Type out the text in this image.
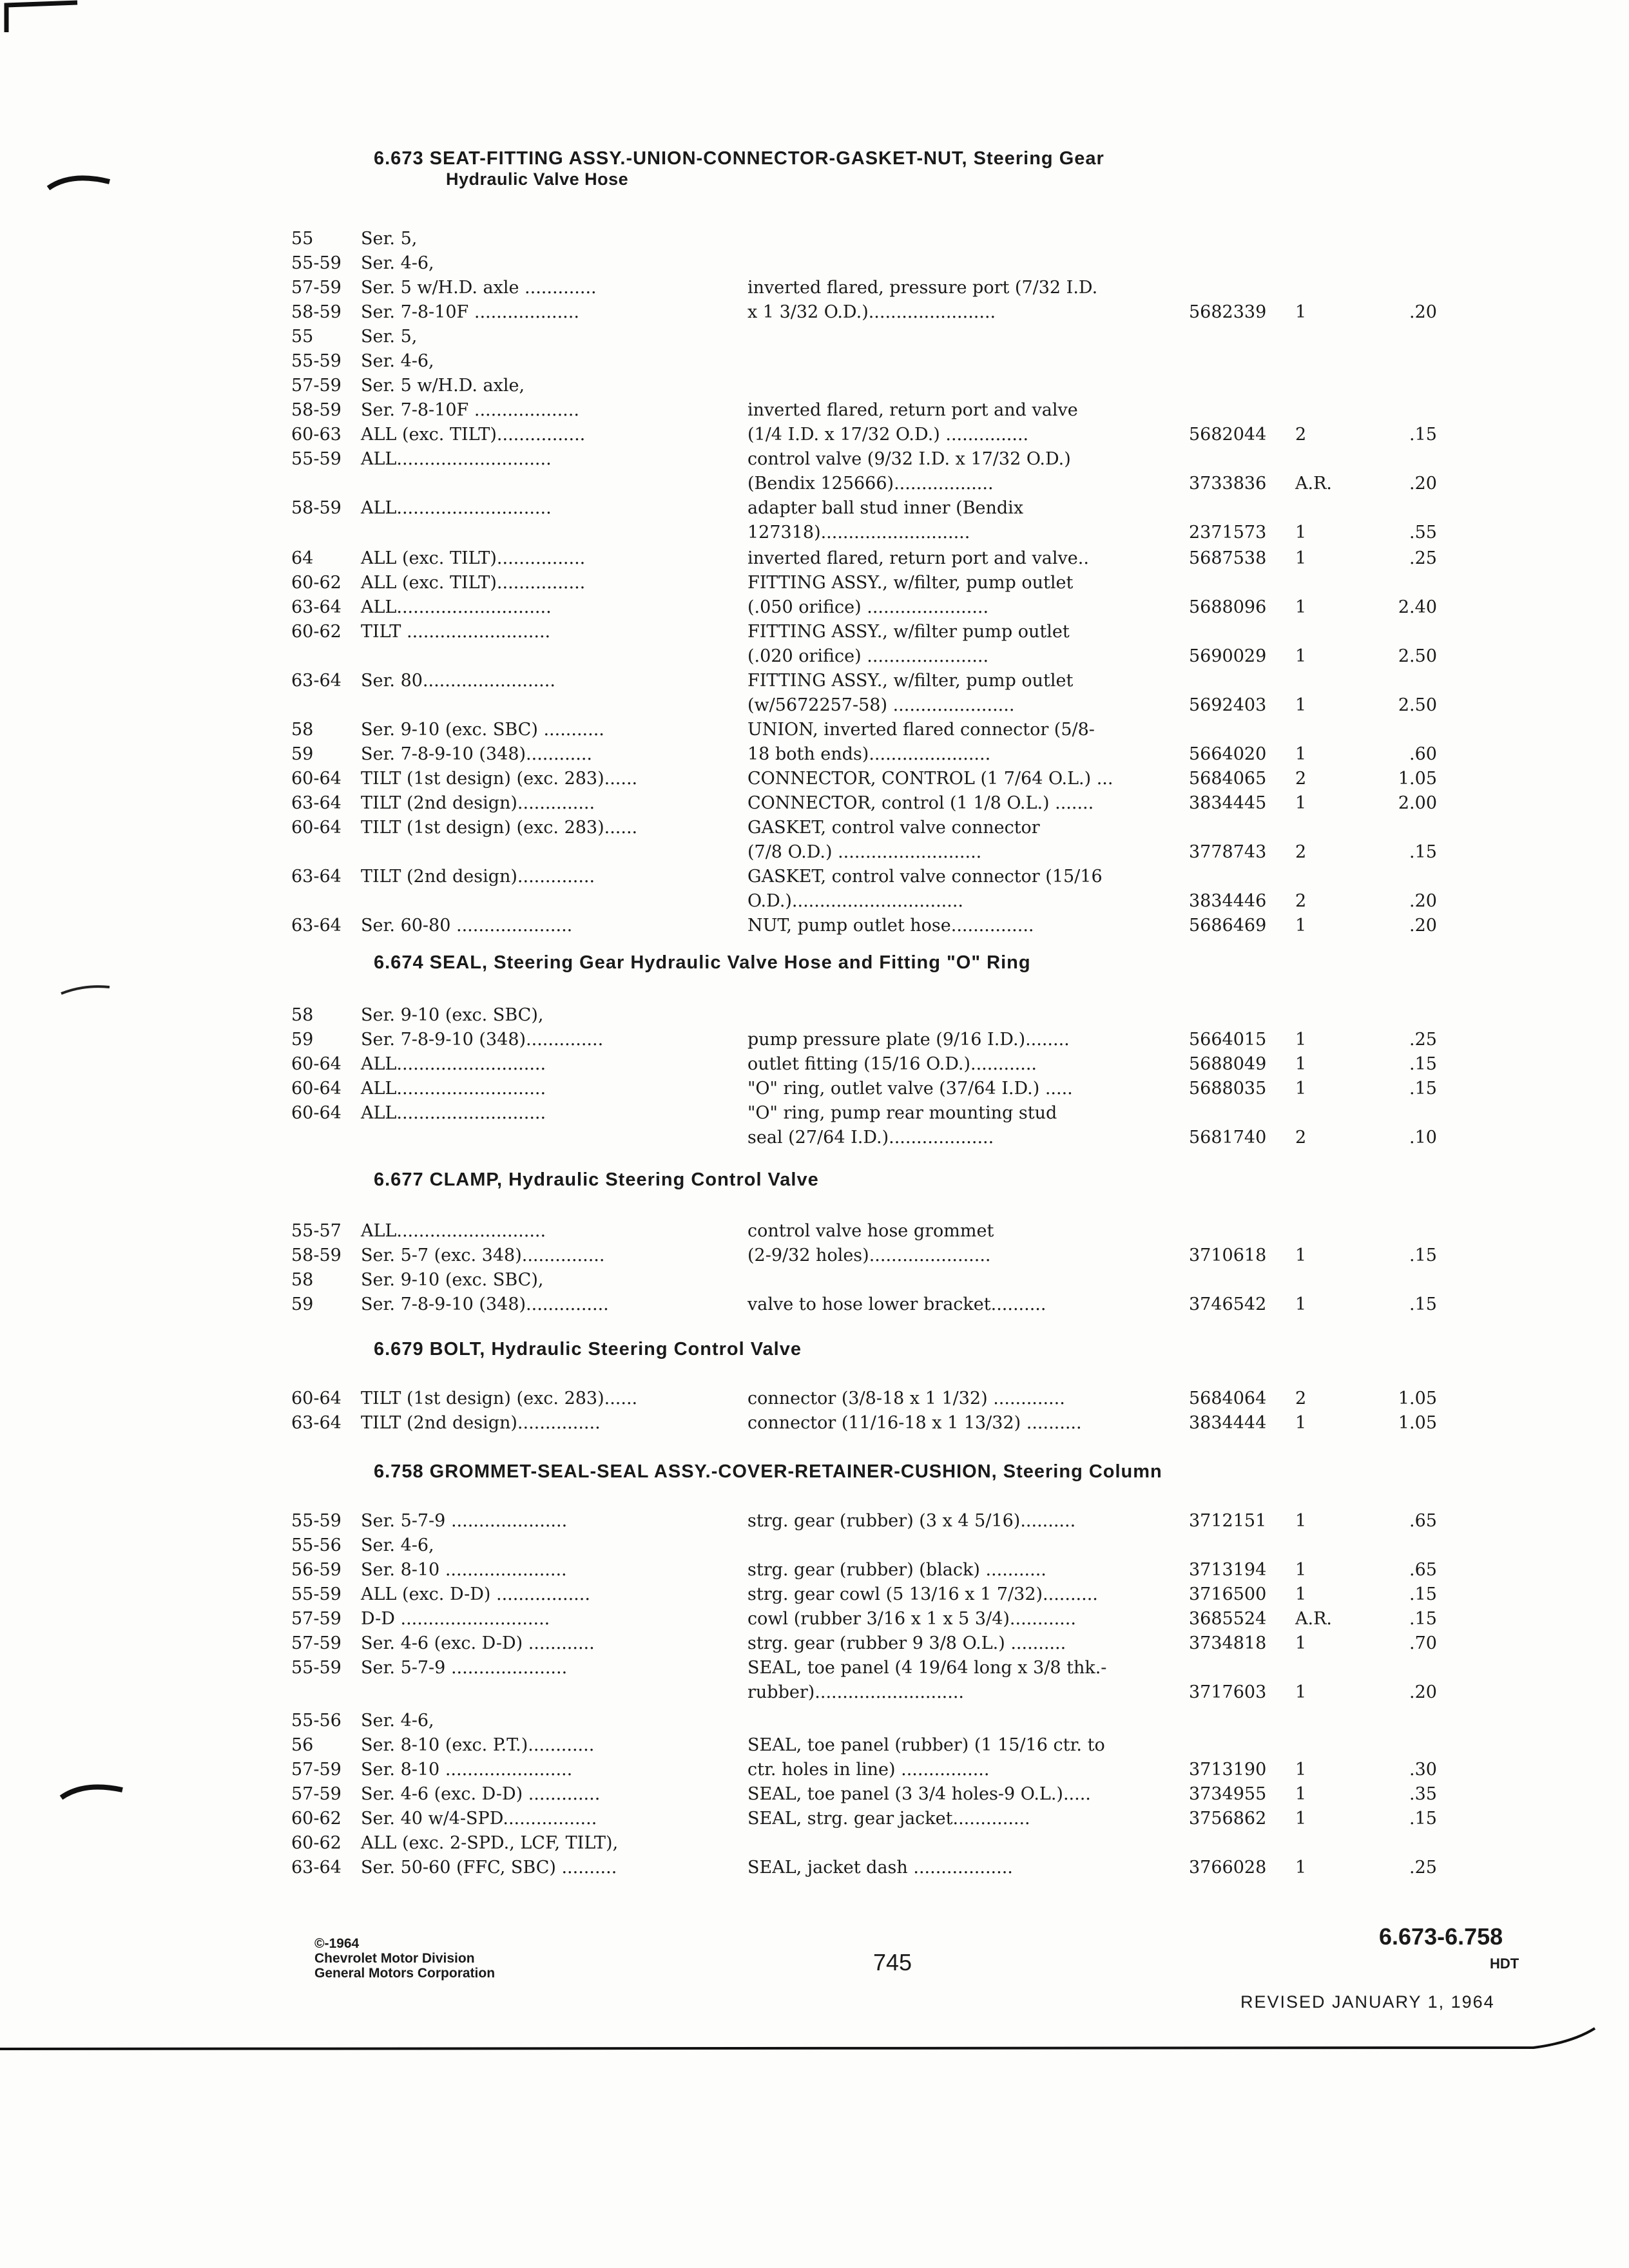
6.673 SEAT-FITTING ASSY.-UNION-CONNECTOR-GASKET-NUT, Steering Gear
Hydraulic Valve Hose
55	Ser. 5,
55-59 Ser. 4-6,
57-59 Ser. 5 w/H.D. axle .............	inverted flared, pressure port (7/32 I.D.
58-59 Ser. 7-8-10F ...................	x 1 3/32 O.D.).......................	5682339 1	.20
55	Ser. 5,
55-59 Ser. 4-6,
57-59 Ser. 5 w/H.D. axle,
58-59 Ser. 7-8-10F ...................	inverted flared, return port and valve
60-63 ALL (exc. TILT)................	(1/4 I.D. x 17/32 O.D.) ...............	5682044 2	.15
55-59 ALL............................	control valve (9/32 I.D. x 17/32 O.D.)
(Bendix 125666)..................	3733836 A.R.	.20
58-59 ALL............................	adapter ball stud inner (Bendix
127318)...........................	2371573 1	.55
64	ALL (exc. TILT)................	inverted flared, return port and valve..	5687538 1	.25
60-62 ALL (exc. TILT)................	FITTING ASSY., w/filter, pump outlet
63-64 ALL............................	(.050 orifice) ......................	5688096 1	2.40
60-62 TILT ..........................	FITTING ASSY., w/filter pump outlet
(.020 orifice) ......................	5690029 1	2.50
63-64 Ser. 80........................	FITTING ASSY., w/filter, pump outlet
(w/5672257-58) ......................	5692403 1	2.50
58	Ser. 9-10 (exc. SBC) ...........	UNION, inverted flared connector (5/8-
59	Ser. 7-8-9-10 (348)............	18 both ends)......................	5664020 1	.60
60-64 TILT (1st design) (exc. 283)......	CONNECTOR, CONTROL (1 7/64 O.L.) ...	5684065 2	1.05
63-64 TILT (2nd design)..............	CONNECTOR, control (1 1/8 O.L.) .......	3834445 1	2.00
60-64 TILT (1st design) (exc. 283)......	GASKET, control valve connector
(7/8 O.D.) ..........................	3778743 2	.15
63-64 TILT (2nd design)..............	GASKET, control valve connector (15/16
O.D.)...............................	3834446 2	.20
63-64 Ser. 60-80 .....................	NUT, pump outlet hose...............	5686469 1	.20
6.674 SEAL, Steering Gear Hydraulic Valve Hose and Fitting "O" Ring
58	Ser. 9-10 (exc. SBC),
59	Ser. 7-8-9-10 (348)..............	pump pressure plate (9/16 I.D.)........	5664015 1	.25
60-64 ALL...........................	outlet fitting (15/16 O.D.)............	5688049 1	.15
60-64 ALL...........................	"O" ring, outlet valve (37/64 I.D.) .....	5688035 1	.15
60-64 ALL...........................	"O" ring, pump rear mounting stud
seal (27/64 I.D.)...................	5681740 2	.10
6.677 CLAMP, Hydraulic Steering Control Valve
55-57 ALL...........................	control valve hose grommet
58-59 Ser. 5-7 (exc. 348)...............	(2-9/32 holes)......................	3710618 1	.15
58	Ser. 9-10 (exc. SBC),
59	Ser. 7-8-9-10 (348)...............	valve to hose lower bracket..........	3746542 1	.15
6.679 BOLT, Hydraulic Steering Control Valve
60-64 TILT (1st design) (exc. 283)......	connector (3/8-18 x 1 1/32) .............	5684064 2	1.05
63-64 TILT (2nd design)...............	connector (11/16-18 x 1 13/32) ..........	3834444 1	1.05
6.758 GROMMET-SEAL-SEAL ASSY.-COVER-RETAINER-CUSHION, Steering Column
55-59 Ser. 5-7-9 .....................	strg. gear (rubber) (3 x 4 5/16)..........	3712151 1	.65
55-56 Ser. 4-6,
56-59 Ser. 8-10 ......................	strg. gear (rubber) (black) ...........	3713194 1	.65
55-59 ALL (exc. D-D) .................	strg. gear cowl (5 13/16 x 1 7/32)..........	3716500 1	.15
57-59 D-D ...........................	cowl (rubber 3/16 x 1 x 5 3/4)............	3685524 A.R.	.15
57-59 Ser. 4-6 (exc. D-D) ............	strg. gear (rubber 9 3/8 O.L.) ..........	3734818 1	.70
55-59 Ser. 5-7-9 .....................	SEAL, toe panel (4 19/64 long x 3/8 thk.-
rubber)...........................	3717603 1	.20
55-56 Ser. 4-6,
56	Ser. 8-10 (exc. P.T.)............	SEAL, toe panel (rubber) (1 15/16 ctr. to
57-59 Ser. 8-10 .......................	ctr. holes in line) ................	3713190 1	.30
57-59 Ser. 4-6 (exc. D-D) .............	SEAL, toe panel (3 3/4 holes-9 O.L.).....	3734955 1	.35
60-62 Ser. 40 w/4-SPD.................	SEAL, strg. gear jacket..............	3756862 1	.15
60-62 ALL (exc. 2-SPD., LCF, TILT),
63-64 Ser. 50-60 (FFC, SBC) ..........	SEAL, jacket dash ..................	3766028 1	.25
©-1964
Chevrolet Motor Division
General Motors Corporation	745
6.673-6.758
HDT
REVISED JANUARY 1, 1964
